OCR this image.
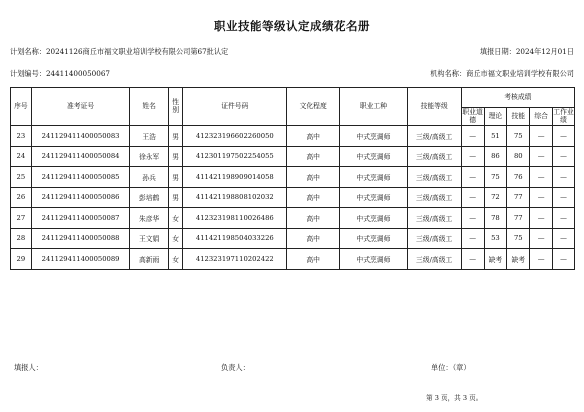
职业技能等级认定成绩花名册
计划名称：20241126商丘市福文职业培训学校有限公司第67批认定	填报日期：2024年12月01日
计划编号：24411400050067	机构名称：商丘市福文职业培训学校有限公司
序号	准考证号	姓名	性别	证件号码	文化程度	职业工种	技能等级	考核成绩				
								职业道德	理论	技能	综合	工作业绩
23	241129411400050083	王浩	男	412323196602260050	高中	中式烹调师	三级/高级工	—	51	75	—	—
24	241129411400050084	徐永军	男	412301197502254055	高中	中式烹调师	三级/高级工	—	86	80	—	—
25	241129411400050085	孙兵	男	411421198909014058	高中	中式烹调师	三级/高级工	—	75	76	—	—
26	241129411400050086	彭培鹤	男	411421198808102032	高中	中式烹调师	三级/高级工	—	72	77	—	—
27	241129411400050087	朱彦华	女	412323198110026486	高中	中式烹调师	三级/高级工	—	78	77	—	—
28	241129411400050088	王文娟	女	411421198504033226	高中	中式烹调师	三级/高级工	—	53	75	—	—
29	241129411400050089	高新雨	女	412323197110202422	高中	中式烹调师	三级/高级工	—	缺考	缺考	—	—
填报人：	负责人：	单位：（章）
第 3 页，共 3 页。
